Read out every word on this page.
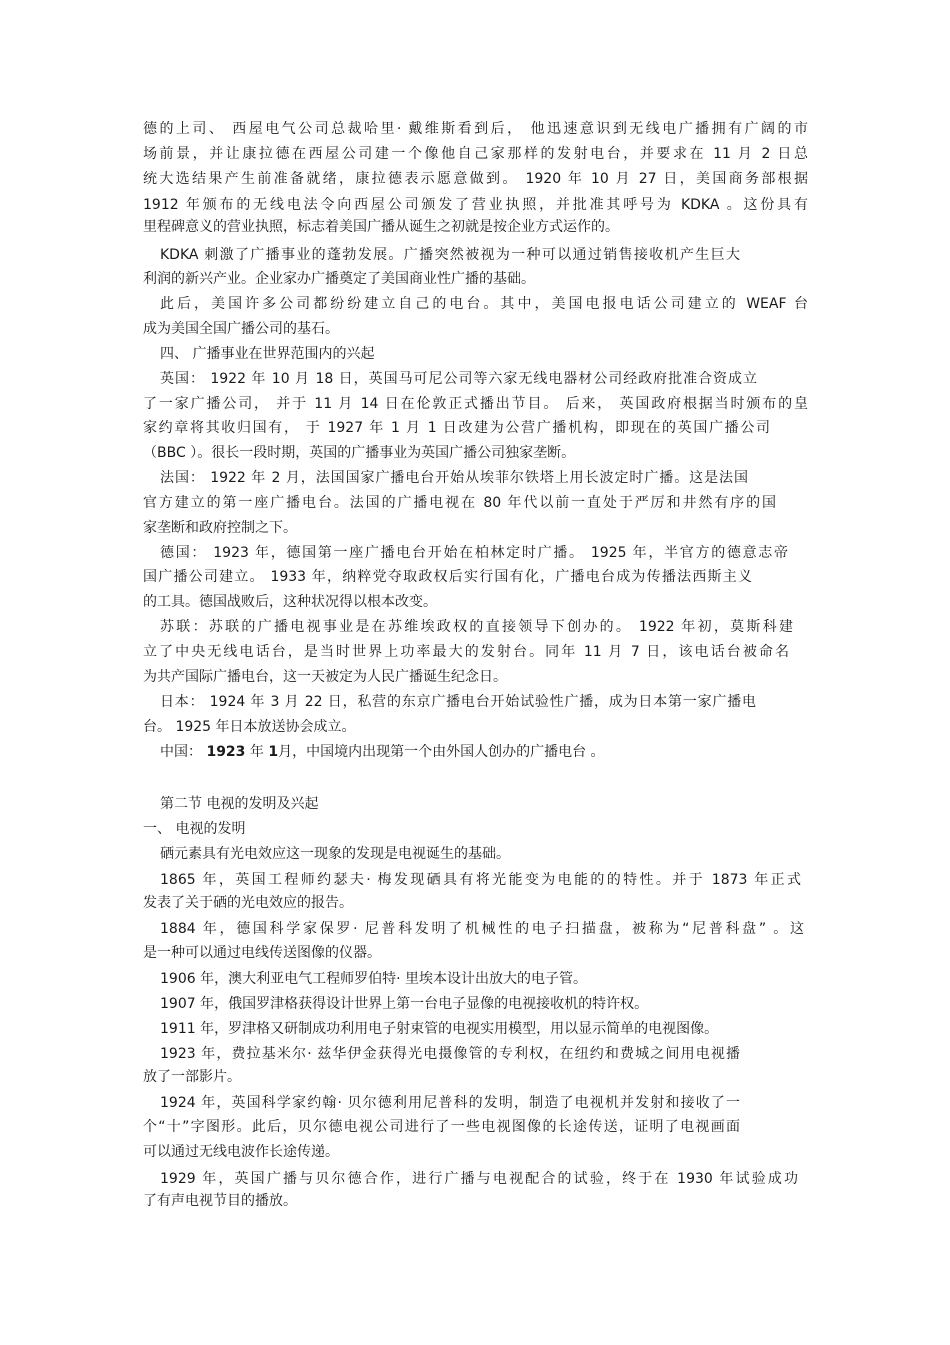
德的上司、 西屋电气公司总裁哈里· 戴维斯看到后， 他迅速意识到无线电广播拥有广阔的市

场前景，并让康拉德在西屋公司建一个像他自己家那样的发射电台，并要求在 11 月 2 日总

统大选结果产生前准备就绪，康拉德表示愿意做到。 1920 年 10 月 27 日，美国商务部根据

1912 年颁布的无线电法令向西屋公司颁发了营业执照，并批准其呼号为 KDKA 。这份具有

里程碑意义的营业执照，标志着美国广播从诞生之初就是按企业方式运作的。

KDKA 刺激了广播事业的蓬勃发展。广播突然被视为一种可以通过销售接收机产生巨大

利润的新兴产业。企业家办广播奠定了美国商业性广播的基础。

此后，美国许多公司都纷纷建立自己的电台。其中，美国电报电话公司建立的 WEAF 台

成为美国全国广播公司的基石。

四、 广播事业在世界范围内的兴起

英国： 1922 年 10 月 18 日，英国马可尼公司等六家无线电器材公司经政府批准合资成立

了一家广播公司， 并于 11 月 14 日在伦敦正式播出节目。 后来， 英国政府根据当时颁布的皇

家约章将其收归国有， 于 1927 年 1 月 1 日改建为公营广播机构，即现在的英国广播公司

（BBC ）。很长一段时期，英国的广播事业为英国广播公司独家垄断。

法国： 1922 年 2 月，法国国家广播电台开始从埃菲尔铁塔上用长波定时广播。这是法国

官方建立的第一座广播电台。法国的广播电视在 80 年代以前一直处于严厉和井然有序的国

家垄断和政府控制之下。

德国： 1923 年，德国第一座广播电台开始在柏林定时广播。 1925 年，半官方的德意志帝

国广播公司建立。 1933 年，纳粹党夺取政权后实行国有化，广播电台成为传播法西斯主义

的工具。德国战败后，这种状况得以根本改变。

苏联：苏联的广播电视事业是在苏维埃政权的直接领导下创办的。 1922 年初，莫斯科建

立了中央无线电话台，是当时世界上功率最大的发射台。同年 11 月 7 日，该电话台被命名

为共产国际广播电台，这一天被定为人民广播诞生纪念日。

日本： 1924 年 3 月 22 日，私营的东京广播电台开始试验性广播，成为日本第一家广播电

台。 1925 年日本放送协会成立。

中国： 1923 年 1月，中国境内出现第一个由外国人创办的广播电台 。

第二节 电视的发明及兴起

一、 电视的发明

硒元素具有光电效应这一现象的发现是电视诞生的基础。

1865 年，英国工程师约瑟夫· 梅发现硒具有将光能变为电能的的特性。并于 1873 年正式

发表了关于硒的光电效应的报告。

1884 年，德国科学家保罗· 尼普科发明了机械性的电子扫描盘，被称为“尼普科盘” 。这

是一种可以通过电线传送图像的仪器。

1906 年，澳大利亚电气工程师罗伯特· 里埃本设计出放大的电子管。

1907 年，俄国罗津格获得设计世界上第一台电子显像的电视接收机的特许权。

1911 年，罗津格又研制成功利用电子射束管的电视实用模型，用以显示简单的电视图像。

1923 年，费拉基米尔· 兹华伊金获得光电摄像管的专利权，在纽约和费城之间用电视播

放了一部影片。

1924 年，英国科学家约翰· 贝尔德利用尼普科的发明，制造了电视机并发射和接收了一

个“十”字图形。此后，贝尔德电视公司进行了一些电视图像的长途传送，证明了电视画面

可以通过无线电波作长途传递。

1929 年，英国广播与贝尔德合作，进行广播与电视配合的试验，终于在 1930 年试验成功

了有声电视节目的播放。
